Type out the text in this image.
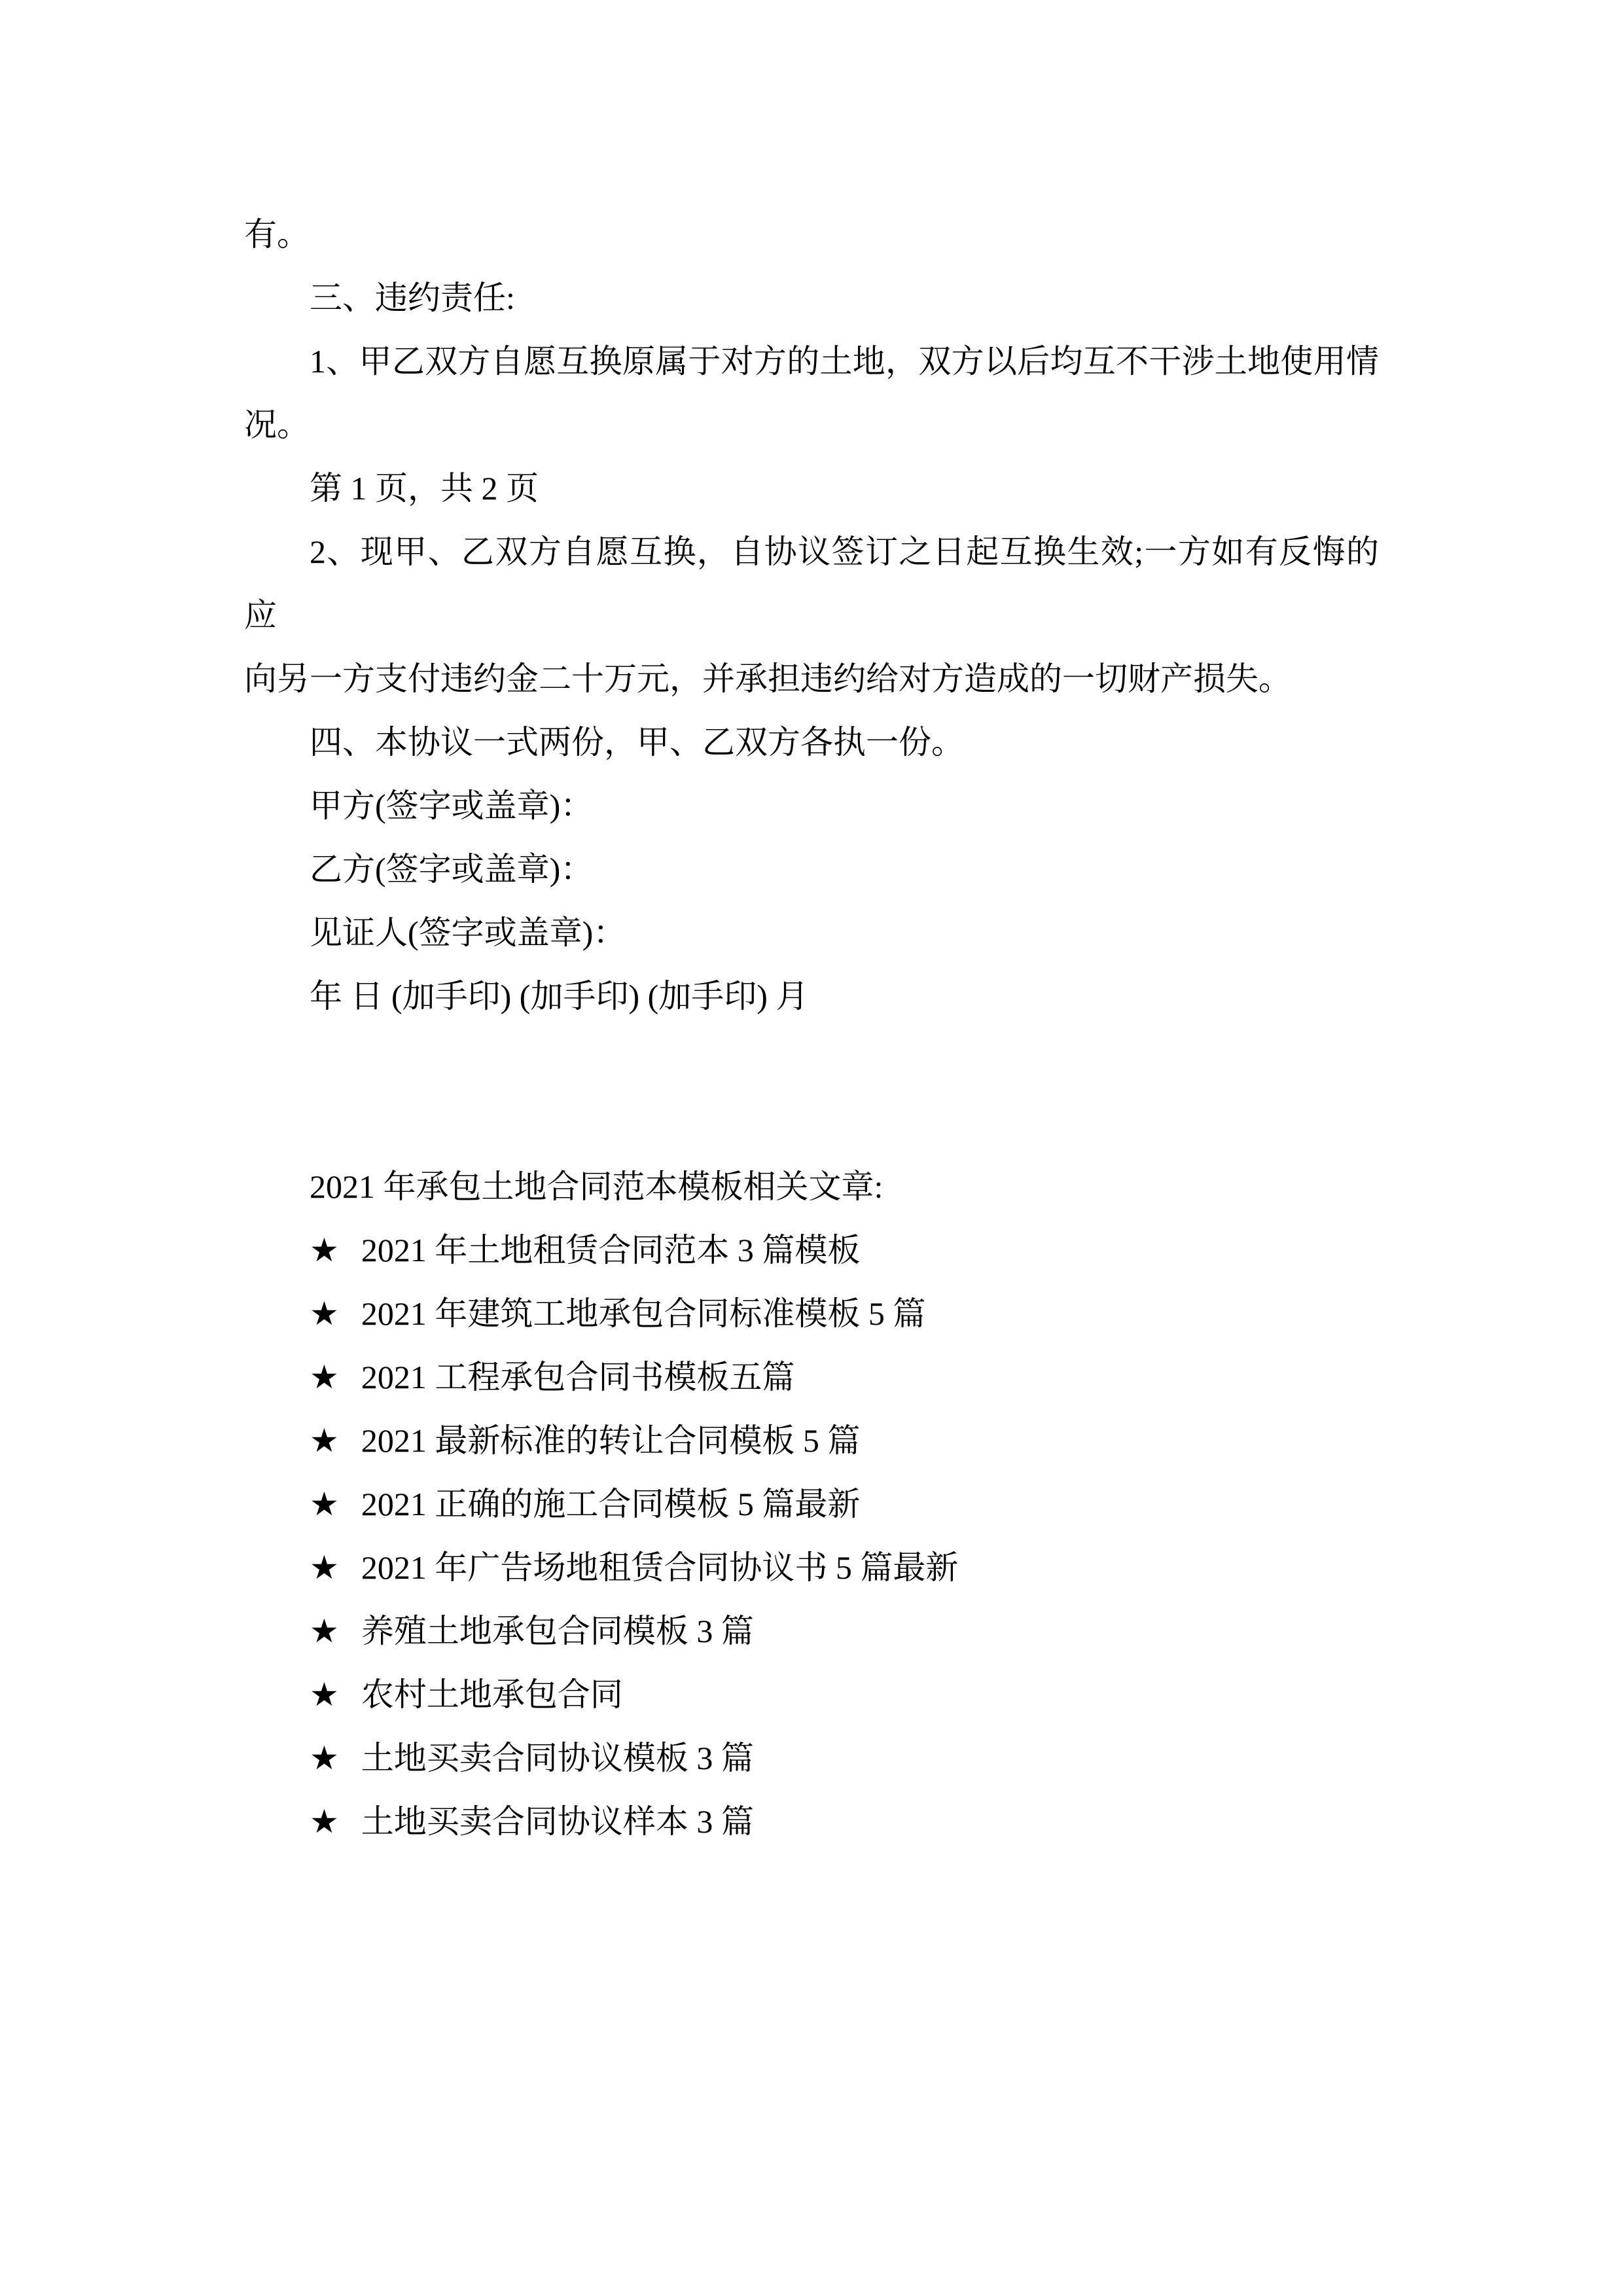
有。
三、违约责任:
1、甲乙双方自愿互换原属于对方的土地，双方以后均互不干涉土地使用情
况。
第 1 页，共 2 页
2、现甲、乙双方自愿互换，自协议签订之日起互换生效;一方如有反悔的应
向另一方支付违约金二十万元，并承担违约给对方造成的一切财产损失。
四、本协议一式两份，甲、乙双方各执一份。
甲方(签字或盖章)：
乙方(签字或盖章)：
见证人(签字或盖章)：
年 日 (加手印) (加手印) (加手印) 月
2021 年承包土地合同范本模板相关文章:
★ 2021 年土地租赁合同范本 3 篇模板
★ 2021 年建筑工地承包合同标准模板 5 篇
★ 2021 工程承包合同书模板五篇
★ 2021 最新标准的转让合同模板 5 篇
★ 2021 正确的施工合同模板 5 篇最新
★ 2021 年广告场地租赁合同协议书 5 篇最新
★ 养殖土地承包合同模板 3 篇
★ 农村土地承包合同
★ 土地买卖合同协议模板 3 篇
★ 土地买卖合同协议样本 3 篇
